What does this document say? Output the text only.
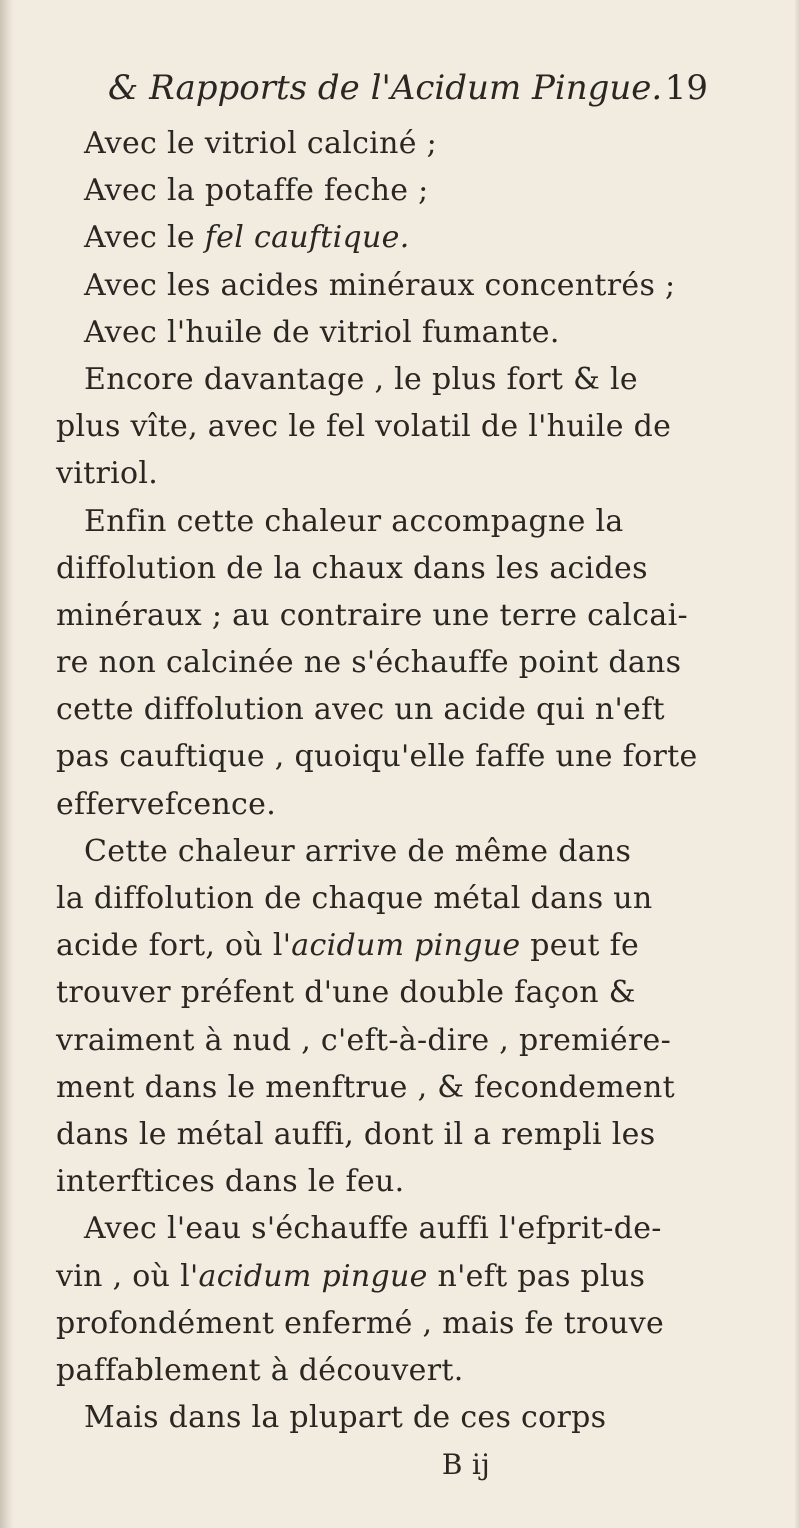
& Rapports de l'Acidum Pingue. 19
Avec le vitriol calciné ;
Avec la potaffe feche ;
Avec le fel cauftique.
Avec les acides minéraux concentrés ;
Avec l'huile de vitriol fumante.
Encore davantage , le plus fort & le
plus vîte, avec le fel volatil de l'huile de
vitriol.
Enfin cette chaleur accompagne la
diffolution de la chaux dans les acides
minéraux ; au contraire une terre calcai-
re non calcinée ne s'échauffe point dans
cette diffolution avec un acide qui n'eft
pas cauftique , quoiqu'elle faffe une forte
effervefcence.
Cette chaleur arrive de même dans
la diffolution de chaque métal dans un
acide fort, où l'acidum pingue peut fe
trouver préfent d'une double façon &
vraiment à nud , c'eft-à-dire , premiére-
ment dans le menftrue , & fecondement
dans le métal auffi, dont il a rempli les
interftices dans le feu.
Avec l'eau s'échauffe auffi l'efprit-de-
vin , où l'acidum pingue n'eft pas plus
profondément enfermé , mais fe trouve
paffablement à découvert.
Mais dans la plupart de ces corps
B ij
